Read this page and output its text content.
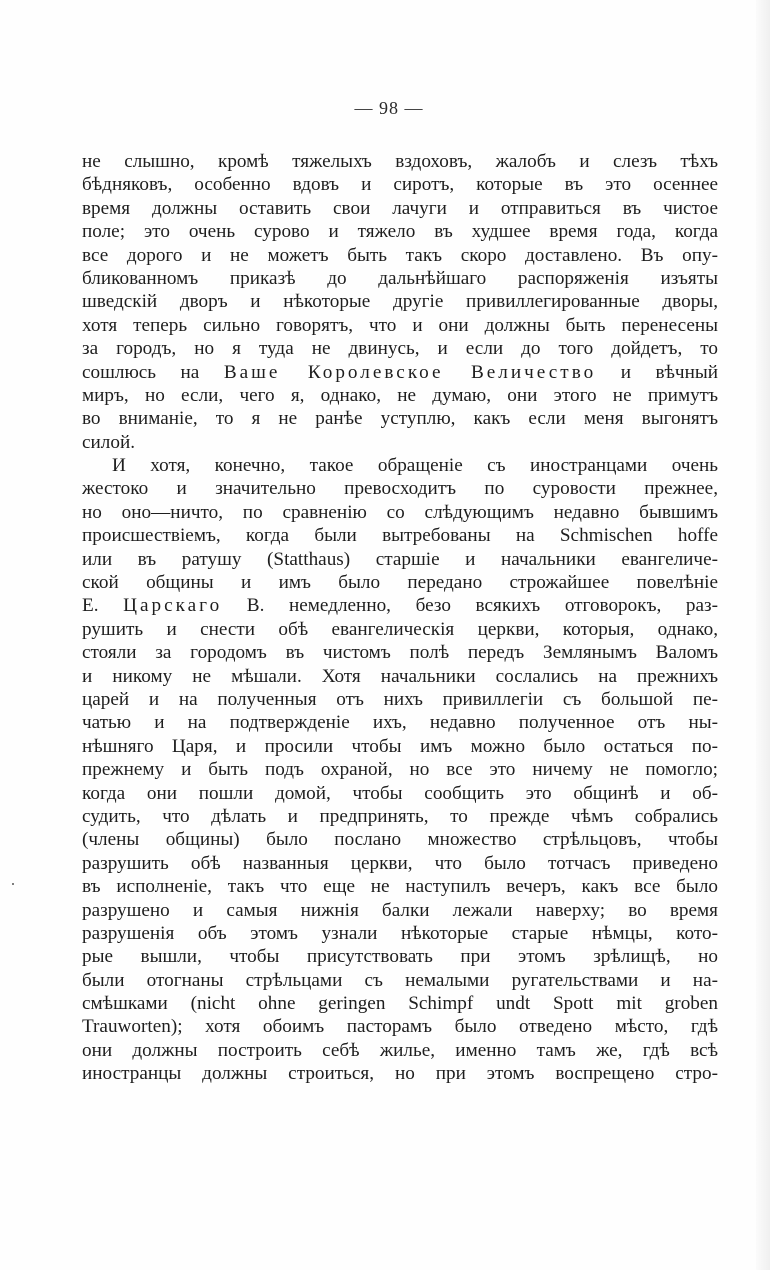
— 98 —
не слышно, кромѣ тяжелыхъ вздоховъ, жалобъ и слезъ тѣхъ
бѣдняковъ, особенно вдовъ и сиротъ, которые въ это осеннее
время должны оставить свои лачуги и отправиться въ чистое
поле; это очень сурово и тяжело въ худшее время года, когда
все дорого и не можетъ быть такъ скоро доставлено. Въ опу-
бликованномъ приказѣ до дальнѣйшаго распоряженія изъяты
шведскій дворъ и нѣкоторые другіе привиллегированные дворы,
хотя теперь сильно говорятъ, что и они должны быть перенесены
за городъ, но я туда не двинусь, и если до того дойдетъ, то
сошлюсь на Ваше Королевское Величество и вѣчный
миръ, но если, чего я, однако, не думаю, они этого не примутъ
во вниманіе, то я не ранѣе уступлю, какъ если меня выгонятъ
силой.
И хотя, конечно, такое обращеніе съ иностранцами очень
жестоко и значительно превосходитъ по суровости прежнее,
но оно—ничто, по сравненію со слѣдующимъ недавно бывшимъ
происшествіемъ, когда были вытребованы на Schmischen hoffe
или въ ратушу (Statthaus) старшіе и начальники евангеличе-
ской общины и имъ было передано строжайшее повелѣніе
Е. Царскаго В. немедленно, безо всякихъ отговорокъ, раз-
рушить и снести обѣ евангелическія церкви, которыя, однако,
стояли за городомъ въ чистомъ полѣ передъ Землянымъ Валомъ
и никому не мѣшали. Хотя начальники сослались на прежнихъ
царей и на полученныя отъ нихъ привиллегіи съ большой пе-
чатью и на подтвержденіе ихъ, недавно полученное отъ ны-
нѣшняго Царя, и просили чтобы имъ можно было остаться по-
прежнему и быть подъ охраной, но все это ничему не помогло;
когда они пошли домой, чтобы сообщить это общинѣ и об-
судить, что дѣлать и предпринять, то прежде чѣмъ собрались
(члены общины) было послано множество стрѣльцовъ, чтобы
разрушить обѣ названныя церкви, что было тотчасъ приведено
въ исполненіе, такъ что еще не наступилъ вечеръ, какъ все было
разрушено и самыя нижнія балки лежали наверху; во время
разрушенія объ этомъ узнали нѣкоторые старые нѣмцы, кото-
рые вышли, чтобы присутствовать при этомъ зрѣлищѣ, но
были отогнаны стрѣльцами съ немалыми ругательствами и на-
смѣшками (nicht ohne geringen Schimpf undt Spott mit groben
Trauworten); хотя обоимъ пасторамъ было отведено мѣсто, гдѣ
они должны построить себѣ жилье, именно тамъ же, гдѣ всѣ
иностранцы должны строиться, но при этомъ воспрещено стро-
